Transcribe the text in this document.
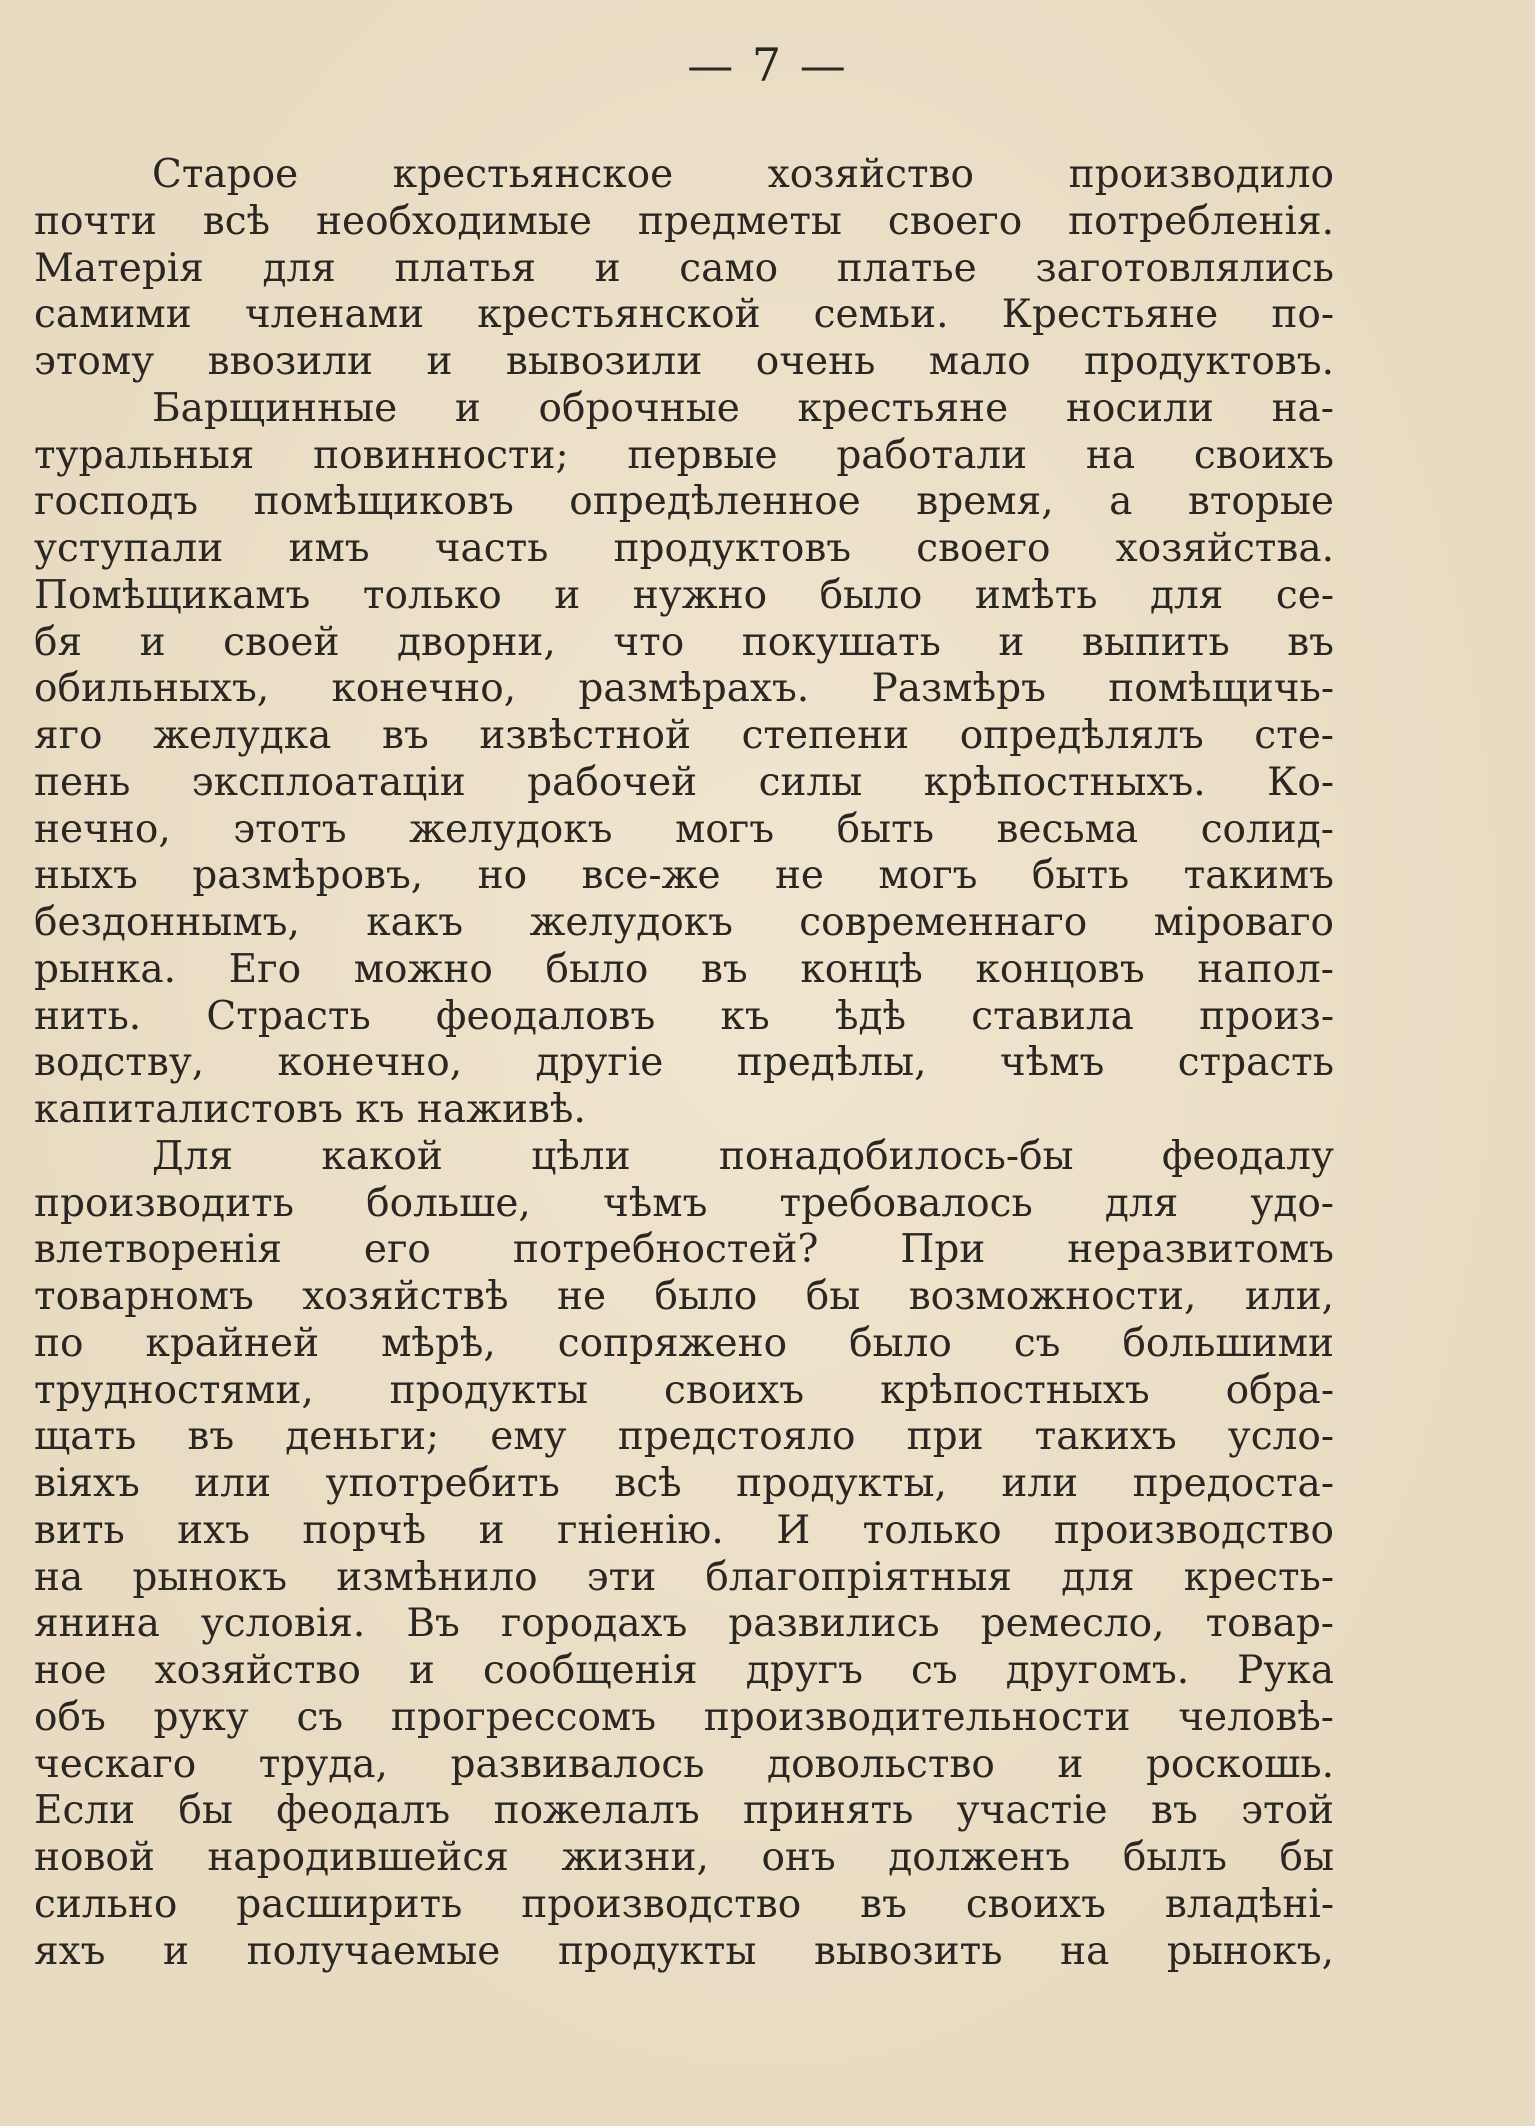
— 7 —
Старое крестьянское хозяйство производило
почти всѣ необходимые предметы своего потребленія.
Матерія для платья и само платье заготовлялись
самими членами крестьянской семьи. Крестьяне по-
этому ввозили и вывозили очень мало продуктовъ.
Барщинные и оброчные крестьяне носили на-
туральныя повинности; первые работали на своихъ
господъ помѣщиковъ опредѣленное время, а вторые
уступали имъ часть продуктовъ своего хозяйства.
Помѣщикамъ только и нужно было имѣть для се-
бя и своей дворни, что покушать и выпить въ
обильныхъ, конечно, размѣрахъ. Размѣръ помѣщичь-
яго желудка въ извѣстной степени опредѣлялъ сте-
пень эксплоатаціи рабочей силы крѣпостныхъ. Ко-
нечно, этотъ желудокъ могъ быть весьма солид-
ныхъ размѣровъ, но все-же не могъ быть такимъ
бездоннымъ, какъ желудокъ современнаго міроваго
рынка. Его можно было въ концѣ концовъ напол-
нить. Страсть феодаловъ къ ѣдѣ ставила произ-
водству, конечно, другіе предѣлы, чѣмъ страсть
капиталистовъ къ наживѣ.
Для какой цѣли понадобилось-бы феодалу
производить больше, чѣмъ требовалось для удо-
влетворенія его потребностей? При неразвитомъ
товарномъ хозяйствѣ не было бы возможности, или,
по крайней мѣрѣ, сопряжено было съ большими
трудностями, продукты своихъ крѣпостныхъ обра-
щать въ деньги; ему предстояло при такихъ усло-
віяхъ или употребить всѣ продукты, или предоста-
вить ихъ порчѣ и гніенію. И только производство
на рынокъ измѣнило эти благопріятныя для кресть-
янина условія. Въ городахъ развились ремесло, товар-
ное хозяйство и сообщенія другъ съ другомъ. Рука
объ руку съ прогрессомъ производительности человѣ-
ческаго труда, развивалось довольство и роскошь.
Если бы феодалъ пожелалъ принять участіе въ этой
новой народившейся жизни, онъ долженъ былъ бы
сильно расширить производство въ своихъ владѣні-
яхъ и получаемые продукты вывозить на рынокъ,
